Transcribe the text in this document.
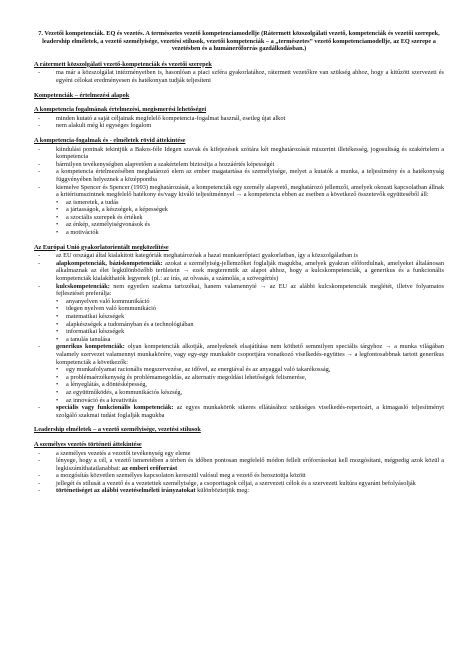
7. Vezetői kompetenciák. EQ és vezetés. A természetes vezető kompetenciamodellje (Rátermett közszolgálati vezető, kompetenciák és vezetői szerepek, leadership elméletek, a vezető személyisége, vezetési stílusok, vezetői kompetenciák – a „természetes” vezető kompetenciamodellje, az EQ szerepe a vezetésben és a humánerőforrás gazdálkodásban.)
A rátermett közszolgálati vezető-kompetenciák és vezetői szerepek
- ma már a közszolgálat intézményeiben is, hasonlóan a piaci szféra gyakorlatához, rátermett vezetőkre van szükség ahhoz, hogy a kitűzött szervezeti és egyéni célokat eredményesen és hatékonyan tudják teljesíteni
Kompetenciák – értelmezési alapok
A kompetencia fogalmának értelmezési, megismerési lehetőségei
- minden kutató a saját céljainak megfelelő kompetencia-fogalmat használ, esetleg újat alkot
- nem alakult még ki egységes fogalom
A kompetencia-fogalmak és - elméletek rövid áttekintése
- kiindulási pontnak tekintjük a Bakos-féle Idegen szavak és kifejezések szótára két meghatározását miszerint illetékesség, jogosultság és szakértelem a kompetencia
- bármilyen tevékenységben alapvetően a szakértelem biztosítja a hozzáértés képességét
- a kompetencia értelmezésében meghatározó elem az ember magatartása és személyisége, melyet a kutatók a munka, a teljesítmény és a hatékonyság függvényében helyeznek a középpontba
- kiemelve Spencer és Spencer (1993) meghatározását, a kompetenciák egy személy alapvető, meghatározó jellemzői, amelyek okozati kapcsolatban állnak a kritériumszintnek megfelelő hatékony és/vagy kiváló teljesítménnyel → a kompetencia ebben az esetben a következő összetevők együtteséből áll:
• az ismeretek, a tudás
• a jártasságok, a készségek, a képességek
• a szociális szerepek és értékek
• az énkép, személyiségvonások és
• a motivációk
Az Európai Unió gyakorlatorientált megközelítése
- az EU országai által kialakított kategóriák meghatározóak a hazai munkaerőpiaci gyakorlatban, így a közszolgálatban is
- alapkompetenciák, báziskompetenciák: azokat a személyiség-jellemzőket foglalják magukba, amelyek gyakran előfordulnak, amelyeket általánosan alkalmaznak az élet legkülönbözőbb területein → ezek megteremtik az alapot ahhoz, hogy a kulcskompetenciák, a generikus és a funkcionális kompetenciák kialakíthatók legyenek (pl.: az írás, az olvasás, a számolás, a szövegértés)
- kulcskompetenciák: nem egyetlen szakma tartozékai, hanem valamennyié → az EU az alábbi kulcskompetenciák meglétét, illetve folyamatos fejlesztését preferálja:
• anyanyelven való kommunikáció
• idegen nyelven való kommunikáció
• matematikai készségek
• alapkészségek a tudományban és a technológiában
• informatikai készségek
• a tanulás tanulása
- generikus kompetenciák: olyan kompetenciák alkotják, amelyeknek elsajátítása nem köthető semmilyen speciális tárgyhoz → a munka világában valamely szervezet valamennyi munkakörére, vagy egy-egy munkakör csoportjára vonatkozó viselkedés-együttes → a legfontosabbnak tartott generikus kompetenciák a következők:
• egy munkafolyamat racionális megszervezése, az idővel, az energiával és az anyaggal való takarékosság,
• a problémaérzékenység és problémamegoldás, az alternatív megoldási lehetőségek felismerése,
• a lényeglátás, a döntésképesség,
• az együttműködés, a kommunikációs készség,
• az innováció és a kreativitás
- speciális vagy funkcionális kompetenciák: az egyes munkakörök sikeres ellátásához szükséges viselkedés-repertoárt, a kimagasló teljesítményt szolgáló szakmai tudást foglalják magukba
Leadership elméletek – a vezető személyisége, vezetési stílusok
A személyes vezetés történeti áttekintése
- a személyes vezetés a vezetői tevékenység egy eleme
- lényege, hogy a cél, a vezető ismeretében a térben és időben pontosan megfelelő módon fellelt erőforrásokat kell mozgósítani, mégpedig azok közül a legkiszámíthatatlanabbat: az emberi erőforrást
- a mozgósítás közvetlen személyes kapcsolaton keresztül valósul meg a vezető és beosztottja között
- jellegét és stílusát a vezető és a vezetettek személyisége, a csoporttagok céljai, a szervezeti célok és a szervezeti kultúra egyaránt befolyásolják
- történetiséget az alábbi vezetéselméleti irányzatokat különböztetjük meg:
